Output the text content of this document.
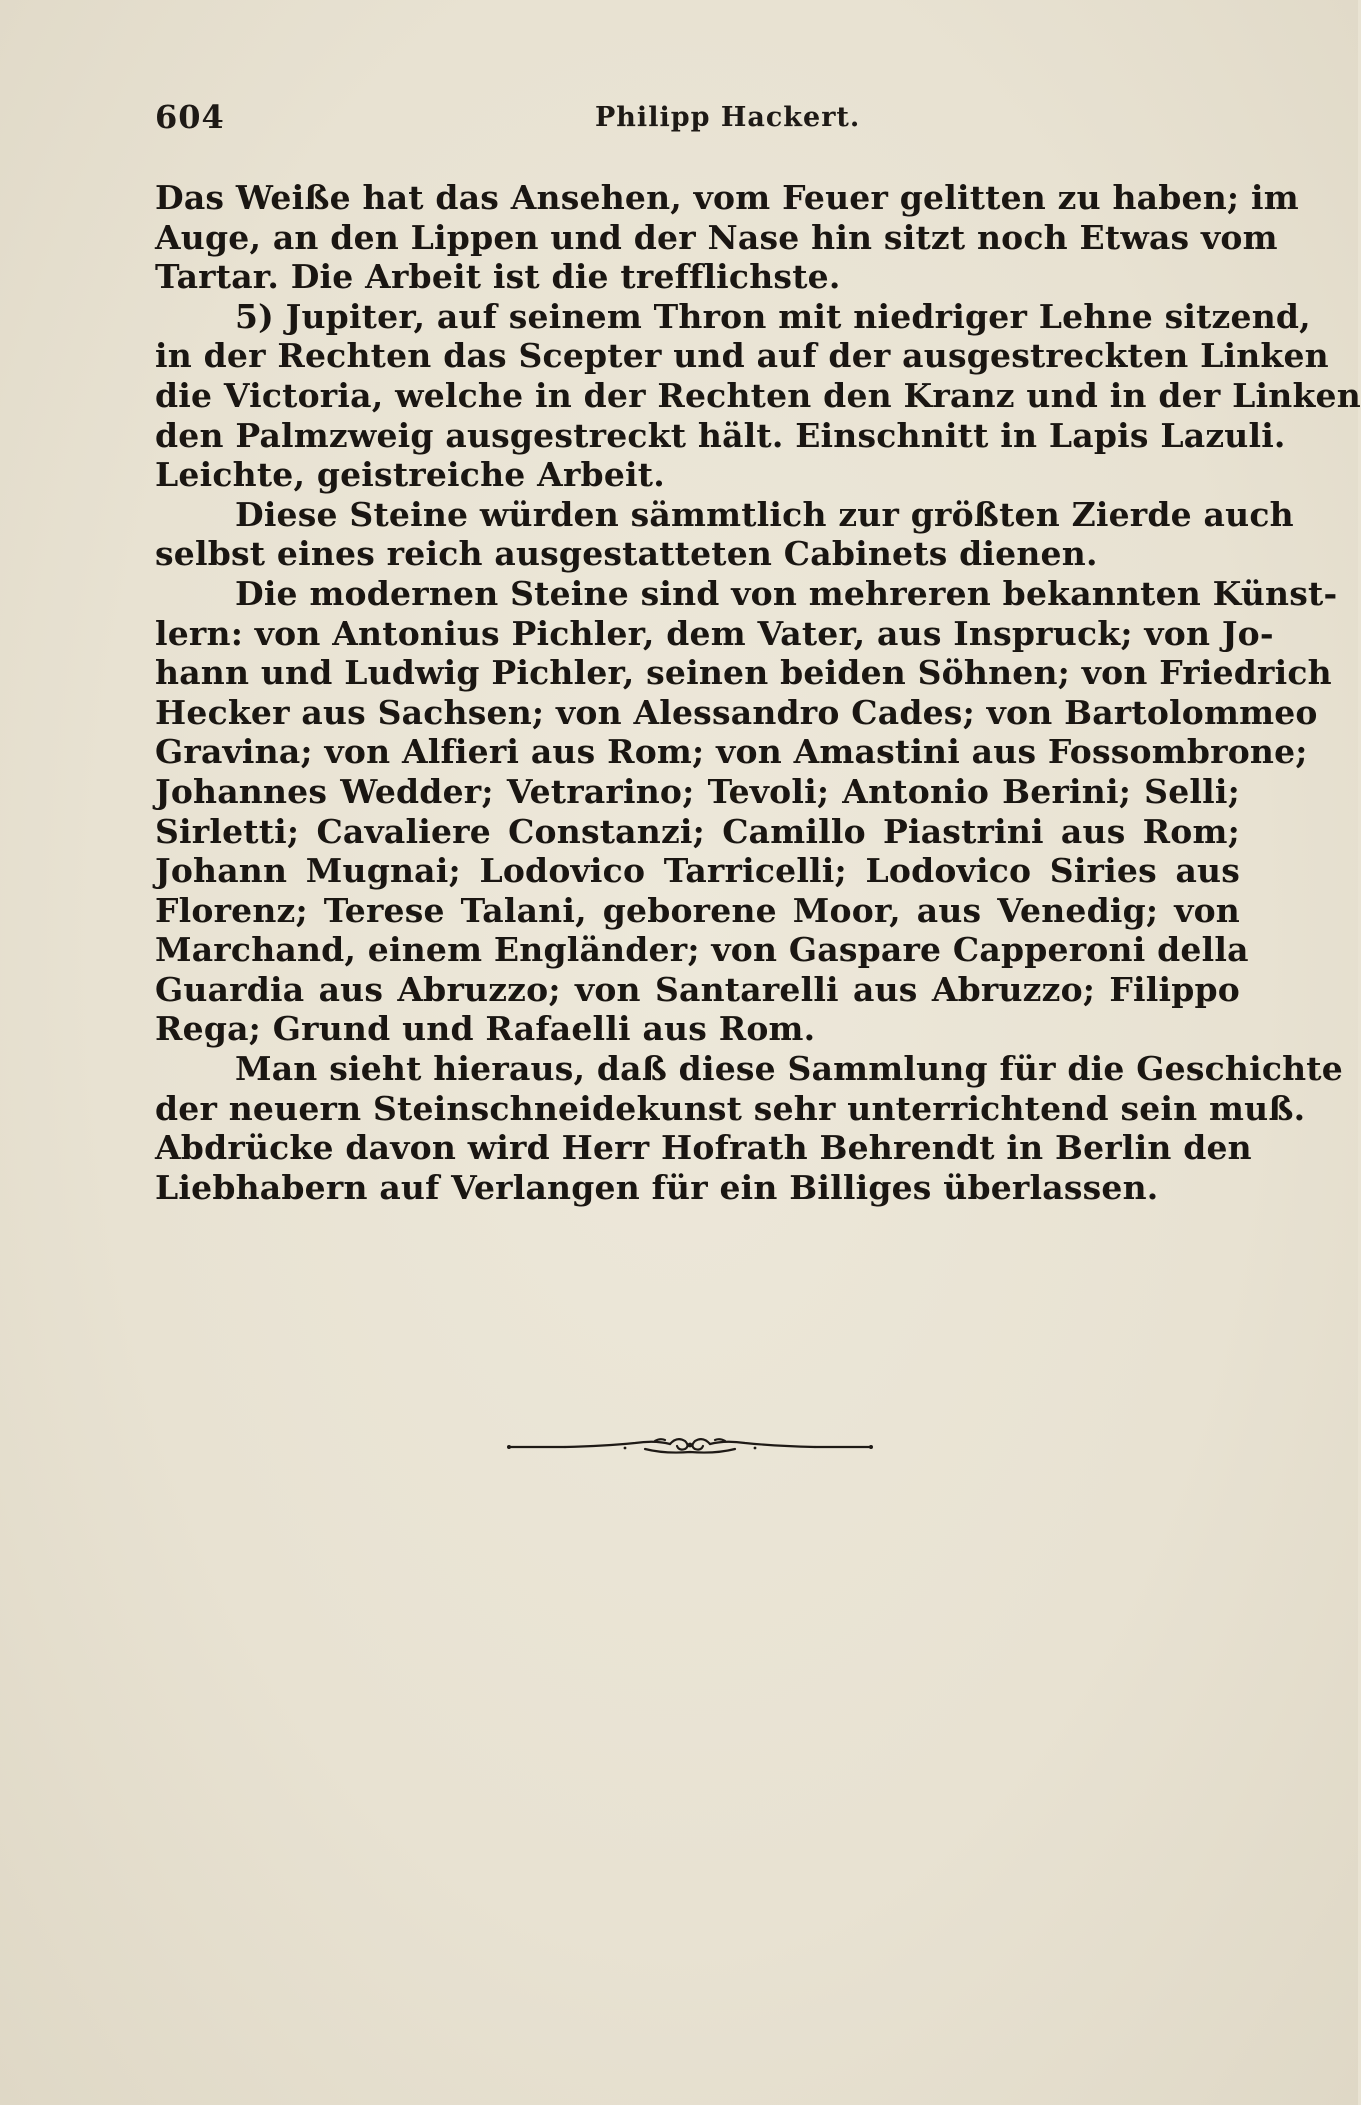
604	Philipp Hackert.
Das Weiße hat das Ansehen, vom Feuer gelitten zu haben; im
Auge, an den Lippen und der Nase hin sitzt noch Etwas vom
Tartar. Die Arbeit ist die trefflichste.
5) Jupiter, auf seinem Thron mit niedriger Lehne sitzend,
in der Rechten das Scepter und auf der ausgestreckten Linken
die Victoria, welche in der Rechten den Kranz und in der Linken
den Palmzweig ausgestreckt hält. Einschnitt in Lapis Lazuli.
Leichte, geistreiche Arbeit.
Diese Steine würden sämmtlich zur größten Zierde auch
selbst eines reich ausgestatteten Cabinets dienen.
Die modernen Steine sind von mehreren bekannten Künst-
lern: von Antonius Pichler, dem Vater, aus Inspruck; von Jo-
hann und Ludwig Pichler, seinen beiden Söhnen; von Friedrich
Hecker aus Sachsen; von Alessandro Cades; von Bartolommeo
Gravina; von Alfieri aus Rom; von Amastini aus Fossombrone;
Johannes Wedder; Vetrarino; Tevoli; Antonio Berini; Selli;
Sirletti; Cavaliere Constanzi; Camillo Piastrini aus Rom;
Johann Mugnai; Lodovico Tarricelli; Lodovico Siries aus
Florenz; Terese Talani, geborene Moor, aus Venedig; von
Marchand, einem Engländer; von Gaspare Capperoni della
Guardia aus Abruzzo; von Santarelli aus Abruzzo; Filippo
Rega; Grund und Rafaelli aus Rom.
Man sieht hieraus, daß diese Sammlung für die Geschichte
der neuern Steinschneidekunst sehr unterrichtend sein muß.
Abdrücke davon wird Herr Hofrath Behrendt in Berlin den
Liebhabern auf Verlangen für ein Billiges überlassen.
